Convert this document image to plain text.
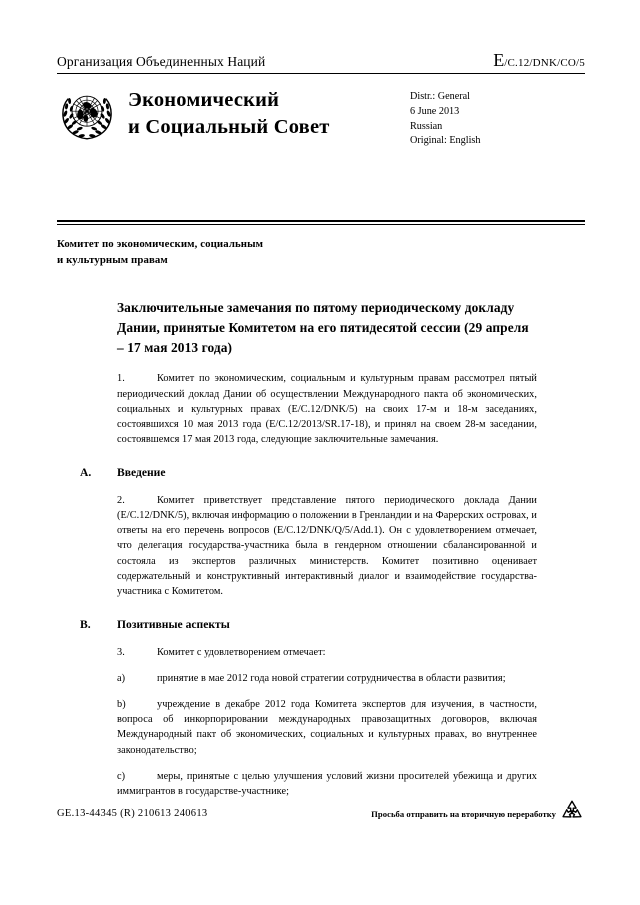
Организация Объединенных Наций	E/C.12/DNK/CO/5
Экономический
и Социальный Совет
Distr.: General
6 June 2013
Russian
Original: English
Комитет по экономическим, социальным
и культурным правам
Заключительные замечания по пятому периодическому докладу Дании, принятые Комитетом на его пятидесятой сессии (29 апреля – 17 мая 2013 года)

1.	Комитет по экономическим, социальным и культурным правам рассмотрел пятый периодический доклад Дании об осуществлении Международного пакта об экономических, социальных и культурных правах (E/C.12/DNK/5) на своих 17-м и 18-м заседаниях, состоявшихся 10 мая 2013 года (E/C.12/2013/SR.17-18), и принял на своем 28-м заседании, состоявшемся 17 мая 2013 года, следующие заключительные замечания.

A.	Введение

2.	Комитет приветствует представление пятого периодического доклада Дании (E/C.12/DNK/5), включая информацию о положении в Гренландии и на Фарерских островах, и ответы на его перечень вопросов (E/C.12/DNK/Q/5/Add.1). Он с удовлетворением отмечает, что делегация государства-участника была в гендерном отношении сбалансированной и состояла из экспертов различных министерств. Комитет позитивно оценивает содержательный и конструктивный интерактивный диалог и взаимодействие государства-участника с Комитетом.

B.	Позитивные аспекты

3.	Комитет с удовлетворением отмечает:

a)	принятие в мае 2012 года новой стратегии сотрудничества в области развития;

b)	учреждение в декабре 2012 года Комитета экспертов для изучения, в частности, вопроса об инкорпорировании международных правозащитных договоров, включая Международный пакт об экономических, социальных и культурных правах, во внутреннее законодательство;

c)	меры, принятые с целью улучшения условий жизни просителей убежища и других иммигрантов в государстве-участнике;

GE.13-44345 (R) 210613 240613	Просьба отправить на вторичную переработку
